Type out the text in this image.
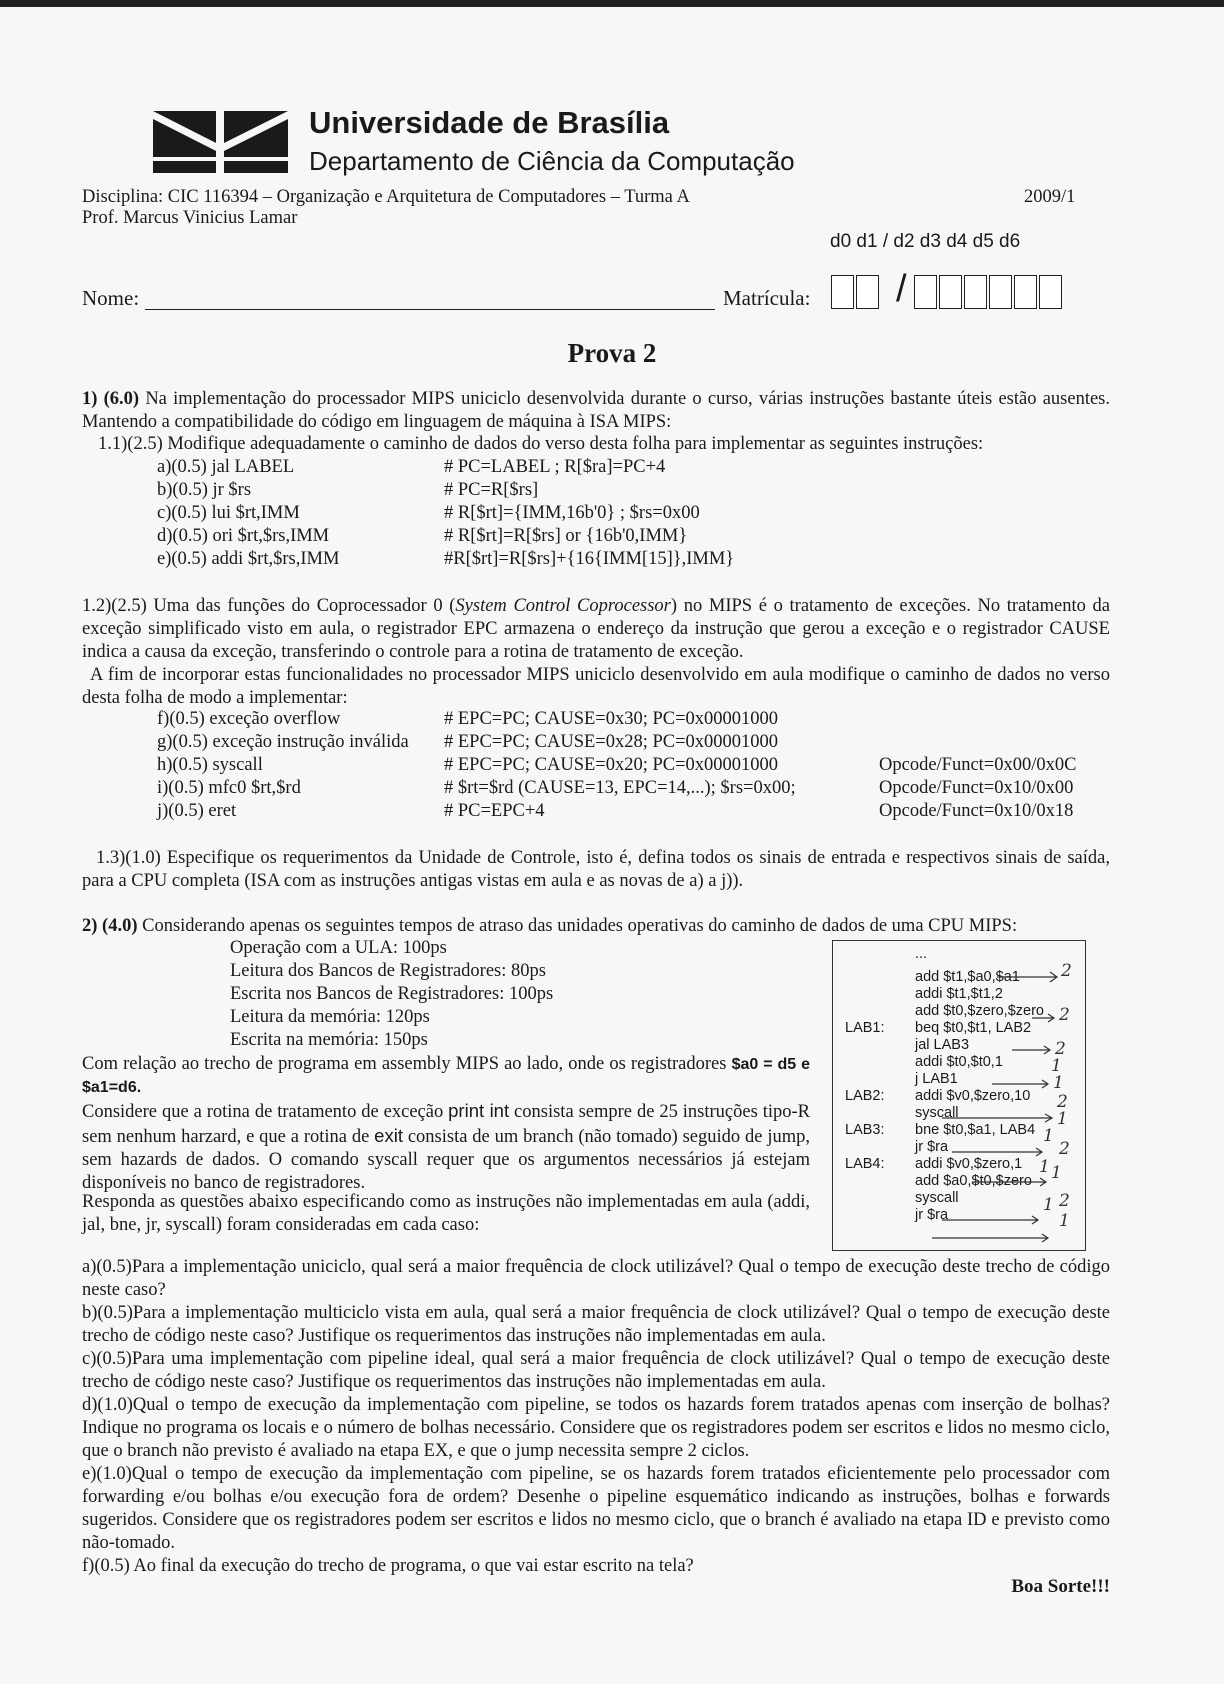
Universidade de Brasília
Departamento de Ciência da Computação
Disciplina: CIC 116394 – Organização e Arquitetura de Computadores – Turma A	2009/1
Prof. Marcus Vinicius Lamar
d0 d1 / d2 d3 d4 d5 d6
Nome:	Matrícula: /
Prova 2
1) (6.0) Na implementação do processador MIPS uniciclo desenvolvida durante o curso, várias instruções bastante úteis estão ausentes. Mantendo a compatibilidade do código em linguagem de máquina à ISA MIPS:
1.1)(2.5) Modifique adequadamente o caminho de dados do verso desta folha para implementar as seguintes instruções:
a)(0.5) jal LABEL	# PC=LABEL ; R[$ra]=PC+4
b)(0.5) jr $rs	# PC=R[$rs]
c)(0.5) lui $rt,IMM	# R[$rt]={IMM,16b'0} ; $rs=0x00
d)(0.5) ori $rt,$rs,IMM	# R[$rt]=R[$rs] or {16b'0,IMM}
e)(0.5) addi $rt,$rs,IMM	#R[$rt]=R[$rs]+{16{IMM[15]},IMM}
1.2)(2.5) Uma das funções do Coprocessador 0 (System Control Coprocessor) no MIPS é o tratamento de exceções. No tratamento da exceção simplificado visto em aula, o registrador EPC armazena o endereço da instrução que gerou a exceção e o registrador CAUSE indica a causa da exceção, transferindo o controle para a rotina de tratamento de exceção.
A fim de incorporar estas funcionalidades no processador MIPS uniciclo desenvolvido em aula modifique o caminho de dados no verso desta folha de modo a implementar:
f)(0.5) exceção overflow	# EPC=PC; CAUSE=0x30; PC=0x00001000
g)(0.5) exceção instrução inválida # EPC=PC; CAUSE=0x28; PC=0x00001000
h)(0.5) syscall	# EPC=PC; CAUSE=0x20; PC=0x00001000	Opcode/Funct=0x00/0x0C
i)(0.5) mfc0 $rt,$rd	# $rt=$rd (CAUSE=13, EPC=14,...); $rs=0x00;	Opcode/Funct=0x10/0x00
j)(0.5) eret	# PC=EPC+4	Opcode/Funct=0x10/0x18
1.3)(1.0) Especifique os requerimentos da Unidade de Controle, isto é, defina todos os sinais de entrada e respectivos sinais de saída, para a CPU completa (ISA com as instruções antigas vistas em aula e as novas de a) a j)).
2) (4.0) Considerando apenas os seguintes tempos de atraso das unidades operativas do caminho de dados de uma CPU MIPS:
Operação com a ULA: 100ps
Leitura dos Bancos de Registradores: 80ps
Escrita nos Bancos de Registradores: 100ps
Leitura da memória: 120ps
Escrita na memória: 150ps
Com relação ao trecho de programa em assembly MIPS ao lado, onde os registradores $a0 = d5 e $a1=d6.
Considere que a rotina de tratamento de exceção print int consista sempre de 25 instruções tipo-R sem nenhum harzard, e que a rotina de exit consista de um branch (não tomado) seguido de jump, sem hazards de dados. O comando syscall requer que os argumentos necessários já estejam disponíveis no banco de registradores.
Responda as questões abaixo especificando como as instruções não implementadas em aula (addi, jal, bne, jr, syscall) foram consideradas em cada caso:
...
add $t1,$a0,$a1
addi $t1,$t1,2
add $t0,$zero,$zero
LAB1: beq $t0,$t1, LAB2
jal LAB3
addi $t0,$t0,1
j LAB1
LAB2: addi $v0,$zero,10
syscall
LAB3: bne $t0,$a1, LAB4
jr $ra
LAB4: addi $v0,$zero,1
add $a0,$t0,$zero
syscall
jr $ra
2
2
2
1
1
2
1
1
2
1 1
1 2
1
a)(0.5)Para a implementação uniciclo, qual será a maior frequência de clock utilizável? Qual o tempo de execução deste trecho de código neste caso?
b)(0.5)Para a implementação multiciclo vista em aula, qual será a maior frequência de clock utilizável? Qual o tempo de execução deste trecho de código neste caso? Justifique os requerimentos das instruções não implementadas em aula.
c)(0.5)Para uma implementação com pipeline ideal, qual será a maior frequência de clock utilizável? Qual o tempo de execução deste trecho de código neste caso? Justifique os requerimentos das instruções não implementadas em aula.
d)(1.0)Qual o tempo de execução da implementação com pipeline, se todos os hazards forem tratados apenas com inserção de bolhas? Indique no programa os locais e o número de bolhas necessário. Considere que os registradores podem ser escritos e lidos no mesmo ciclo, que o branch não previsto é avaliado na etapa EX, e que o jump necessita sempre 2 ciclos.
e)(1.0)Qual o tempo de execução da implementação com pipeline, se os hazards forem tratados eficientemente pelo processador com forwarding e/ou bolhas e/ou execução fora de ordem? Desenhe o pipeline esquemático indicando as instruções, bolhas e forwards sugeridos. Considere que os registradores podem ser escritos e lidos no mesmo ciclo, que o branch é avaliado na etapa ID e previsto como não-tomado.
f)(0.5) Ao final da execução do trecho de programa, o que vai estar escrito na tela?
Boa Sorte!!!
